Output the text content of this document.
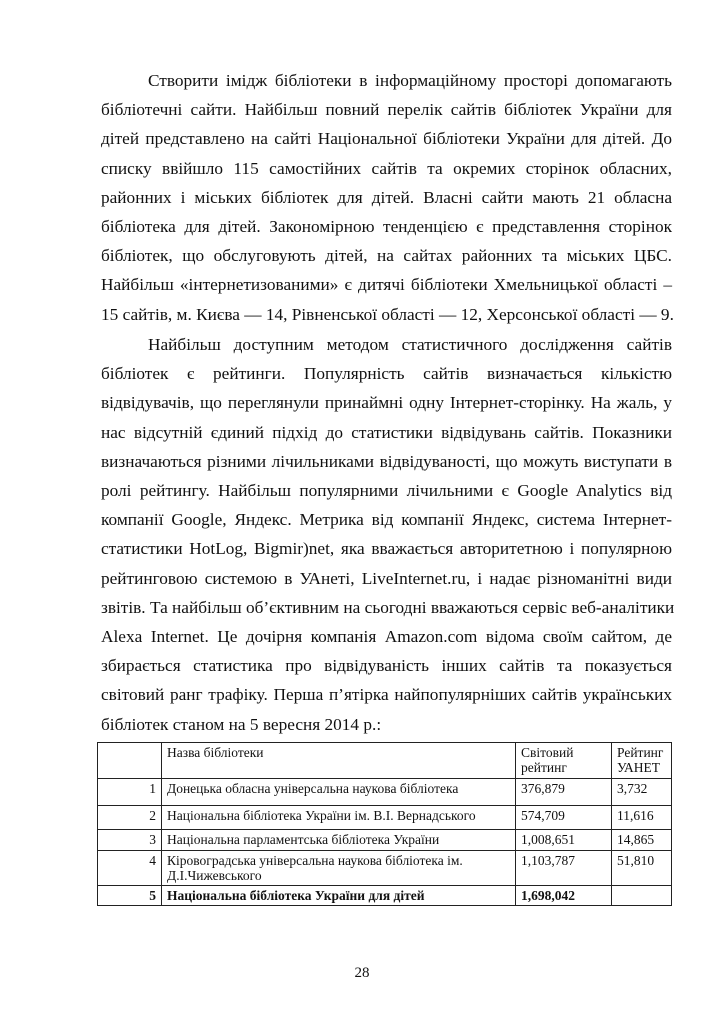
Створити імідж бібліотеки в інформаційному просторі допомагають
бібліотечні сайти. Найбільш повний перелік сайтів бібліотек України для
дітей представлено на сайті Національної бібліотеки України для дітей. До
списку ввійшло 115 самостійних сайтів та окремих сторінок обласних,
районних і міських бібліотек для дітей. Власні сайти мають 21 обласна
бібліотека для дітей. Закономірною тенденцією є представлення сторінок
бібліотек, що обслуговують дітей, на сайтах районних та міських ЦБС.
Найбільш «інтернетизованими» є дитячі бібліотеки Хмельницької області –
15 сайтів, м. Києва — 14, Рівненської області — 12, Херсонської області — 9.

Найбільш доступним методом статистичного дослідження сайтів
бібліотек є рейтинги. Популярність сайтів визначається кількістю
відвідувачів, що переглянули принаймні одну Інтернет-сторінку. На жаль, у
нас відсутній єдиний підхід до статистики відвідувань сайтів. Показники
визначаються різними лічильниками відвідуваності, що можуть виступати в
ролі рейтингу. Найбільш популярними лічильними є Google Analytics від
компанії Google, Яндекс. Метрика від компанії Яндекс, система Інтернет-
статистики HotLog, Bigmir)net, яка вважається авторитетною і популярною
рейтинговою системою в УАнеті, LiveInternet.ru, і надає різноманітні види
звітів. Та найбільш об’єктивним на сьогодні вважаються сервіс веб-аналітики
Alexa Internet. Це дочірня компанія Amazon.com відома своїм сайтом, де
збирається статистика про відвідуваність інших сайтів та показується
світовий ранг трафіку. Перша п’ятірка найпопулярніших сайтів українських
бібліотек станом на 5 вересня 2014 р.:

	Назва бібліотеки	Світовий рейтинг	Рейтинг УАНЕТ
1	Донецька обласна універсальна наукова бібліотека	376,879	3,732
2	Національна бібліотека України ім. В.І. Вернадського	574,709	11,616
3	Національна парламентська бібліотека України	1,008,651	14,865
4	Кіровоградська універсальна наукова бібліотека ім. Д.І.Чижевського	1,103,787	51,810
5	Національна бібліотека України для дітей	1,698,042	
28
